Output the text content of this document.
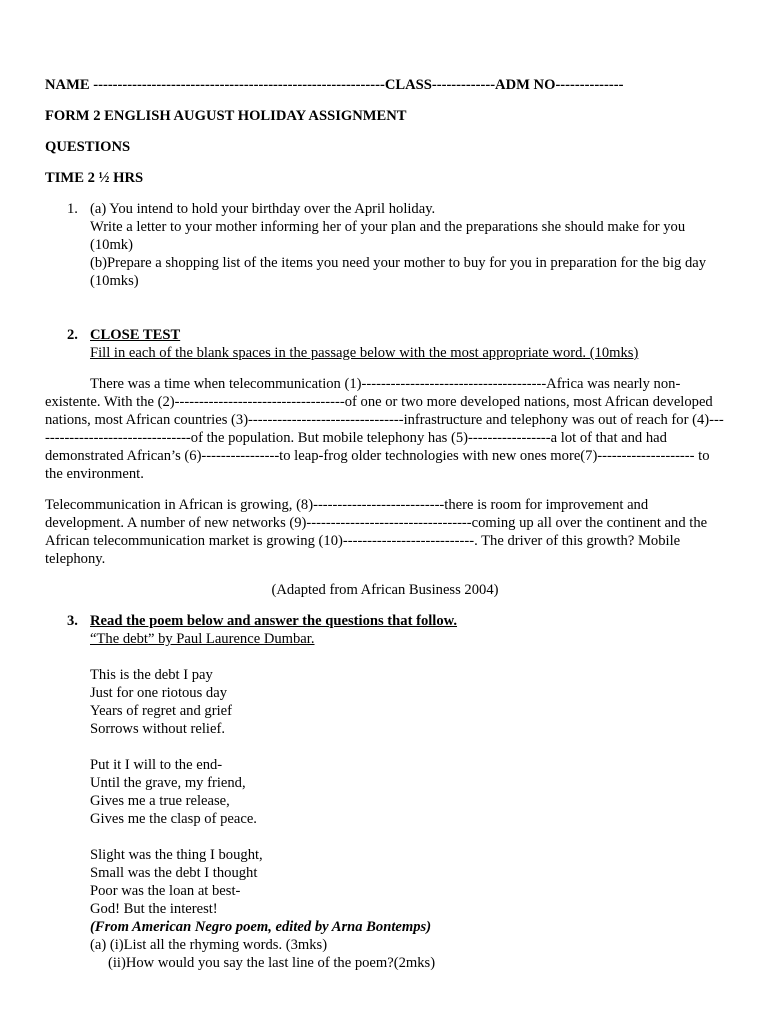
NAME ------------------------------------------------------------CLASS-------------ADM NO--------------

FORM 2 ENGLISH AUGUST HOLIDAY ASSIGNMENT

QUESTIONS

TIME 2 ½ HRS

1. (a) You intend to hold your birthday over the April holiday.

Write a letter to your mother informing her of your plan and the preparations she should make for you (10mk)

(b)Prepare a shopping list of the items you need your mother to buy for you in preparation for the big day (10mks)

2. CLOSE TEST

Fill in each of the blank spaces in the passage below with the most appropriate word. (10mks)

There was a time when telecommunication (1)--------------------------------------Africa was nearly non-existente. With the (2)-----------------------------------of one or two more developed nations, most African developed nations, most African countries (3)--------------------------------infrastructure and telephony was out of reach for (4)---------------------------------of the population. But mobile telephony has (5)-----------------a lot of that and had demonstrated African’s (6)----------------to leap-frog older technologies with new ones more(7)-------------------- to the environment.

Telecommunication in African is growing, (8)---------------------------there is room for improvement and development. A number of new networks (9)----------------------------------coming up all over the continent and the African telecommunication market is growing (10)---------------------------. The driver of this growth? Mobile telephony.

(Adapted from African Business 2004)

3. Read the poem below and answer the questions that follow.

“The debt” by Paul Laurence Dumbar.

This is the debt I pay

Just for one riotous day

Years of regret and grief

Sorrows without relief.

Put it I will to the end-

Until the grave, my friend,

Gives me a true release,

Gives me the clasp of peace.

Slight was the thing I bought,

Small was the debt I thought

Poor was the loan at best-

God! But the interest!

(From American Negro poem, edited by Arna Bontemps)

(a) (i)List all the rhyming words. (3mks)

(ii)How would you say the last line of the poem?(2mks)
